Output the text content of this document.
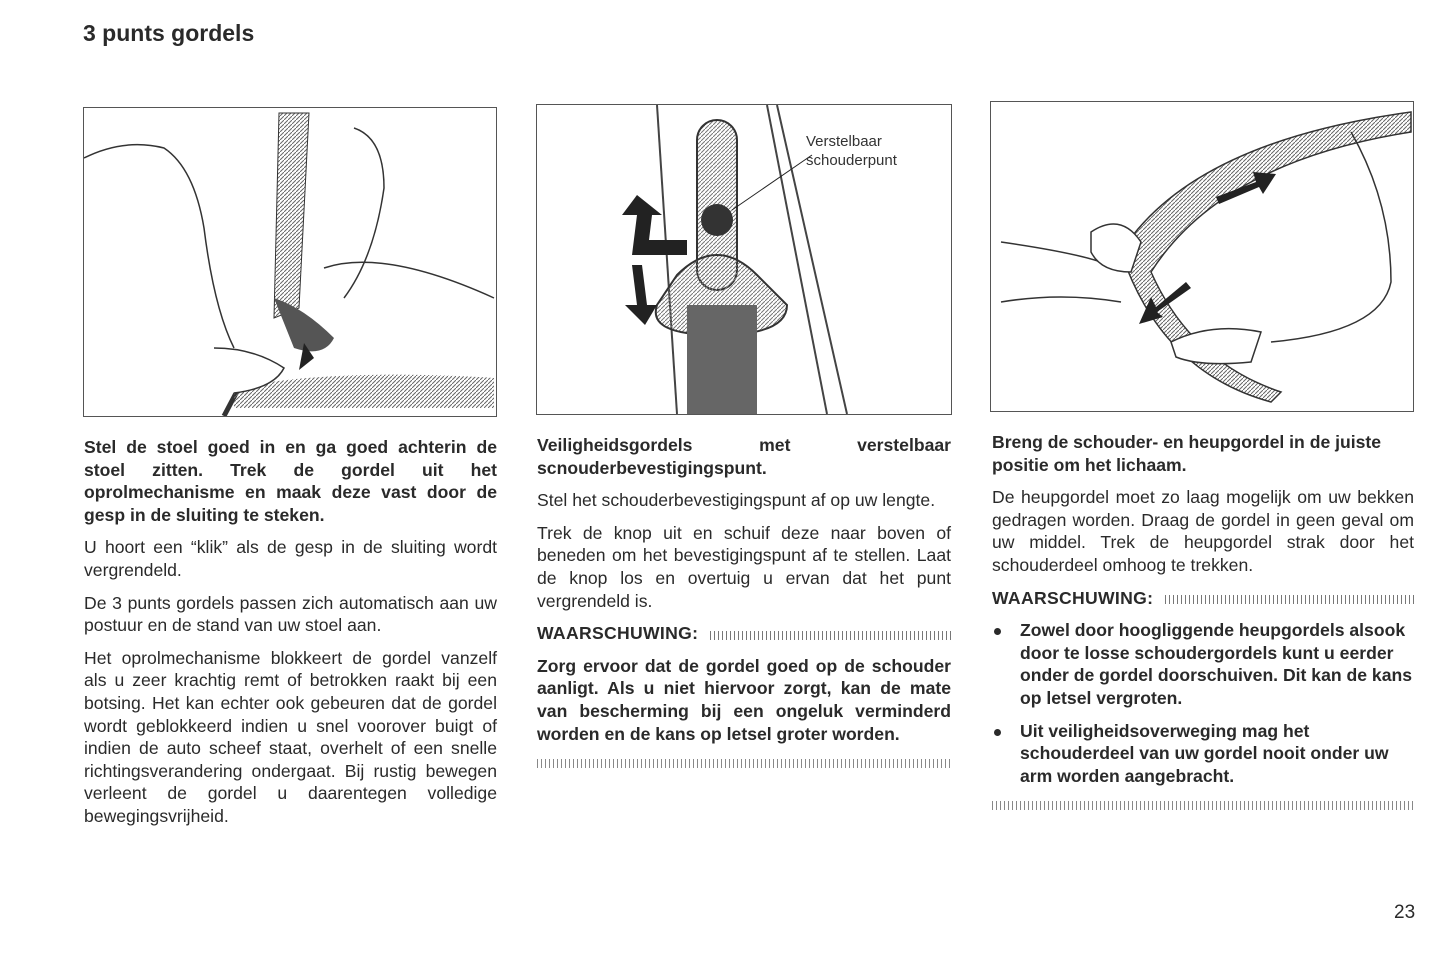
3 punts gordels
Verstelbaar
schouderpunt

Stel de stoel goed in en ga goed achterin de stoel zitten. Trek de gordel uit het oprolmechanisme en maak deze vast door de gesp in de sluiting te steken.

U hoort een “klik” als de gesp in de sluiting wordt vergrendeld.

De 3 punts gordels passen zich automatisch aan uw postuur en de stand van uw stoel aan.

Het oprolmechanisme blokkeert de gordel vanzelf als u zeer krachtig remt of betrokken raakt bij een botsing. Het kan echter ook gebeuren dat de gordel wordt geblokkeerd indien u snel voorover buigt of indien de auto scheef staat, overhelt of een snelle richtingsverandering ondergaat. Bij rustig bewegen verleent de gordel u daarentegen volledige bewegingsvrijheid.

Veiligheidsgordels met verstelbaar scnouderbevestigingspunt.

Stel het schouderbevestigingspunt af op uw lengte.

Trek de knop uit en schuif deze naar boven of beneden om het bevestigingspunt af te stellen. Laat de knop los en overtuig u ervan dat het punt vergrendeld is.

WAARSCHUWING:

Zorg ervoor dat de gordel goed op de schouder aanligt. Als u niet hiervoor zorgt, kan de mate van bescherming bij een ongeluk verminderd worden en de kans op letsel groter worden.

Breng de schouder- en heupgordel in de juiste positie om het lichaam.

De heupgordel moet zo laag mogelijk om uw bekken gedragen worden. Draag de gordel in geen geval om uw middel. Trek de heupgordel strak door het schouderdeel omhoog te trekken.

WAARSCHUWING:
Zowel door hoogliggende heupgordels alsook door te losse schoudergordels kunt u eerder onder de gordel doorschuiven. Dit kan de kans op letsel vergroten.
Uit veiligheidsoverweging mag het schouderdeel van uw gordel nooit onder uw arm worden aangebracht.
23
